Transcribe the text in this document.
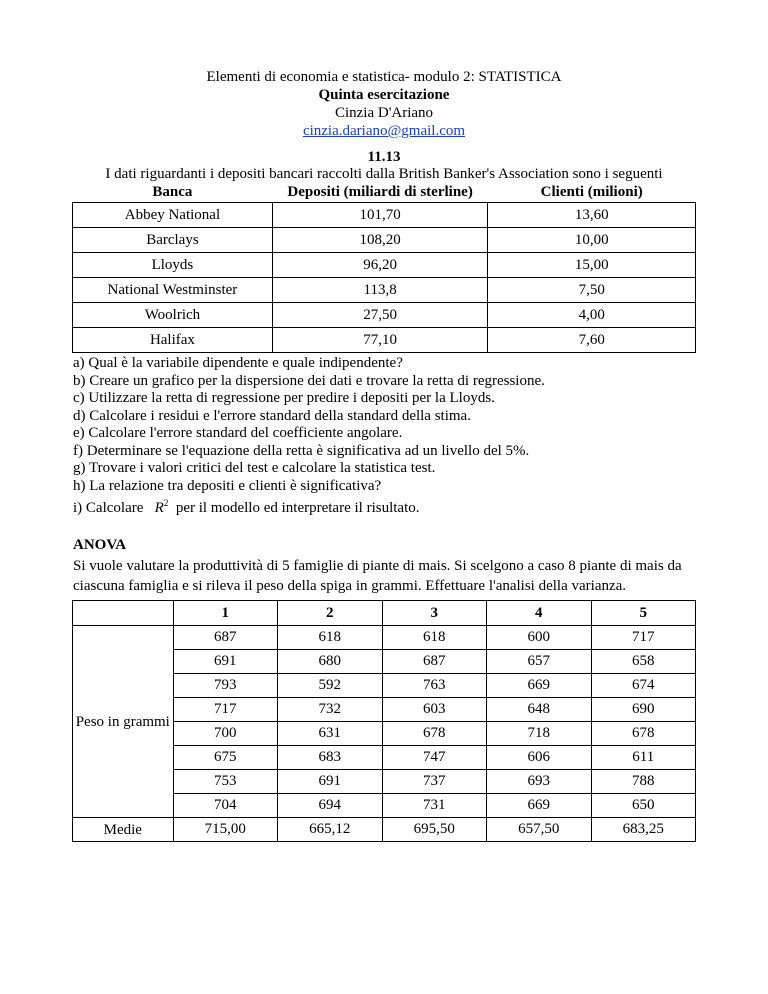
Elementi di economia e statistica- modulo 2: STATISTICA
Quinta esercitazione
Cinzia D'Ariano
cinzia.dariano@gmail.com
11.13
I dati riguardanti i depositi bancari raccolti dalla British Banker's Association sono i seguenti
Banca	Depositi (miliardi di sterline)	Clienti (milioni)
Abbey National	101,70	13,60
Barclays	108,20	10,00
Lloyds	96,20	15,00
National Westminster	113,8	7,50
Woolrich	27,50	4,00
Halifax	77,10	7,60
a) Qual è la variabile dipendente e quale indipendente?
b) Creare un grafico per la dispersione dei dati e trovare la retta di regressione.
c) Utilizzare la retta di regressione per predire i depositi per la Lloyds.
d) Calcolare i residui e l'errore standard della standard della stima.
e) Calcolare l'errore standard del coefficiente angolare.
f) Determinare se l'equazione della retta è significativa ad un livello del 5%.
g) Trovare i valori critici del test e calcolare la statistica test.
h) La relazione tra depositi e clienti è significativa?
i) Calcolare $R^2$ per il modello ed interpretare il risultato.
ANOVA
Si vuole valutare la produttività di 5 famiglie di piante di mais. Si scelgono a caso 8 piante di mais da ciascuna famiglia e si rileva il peso della spiga in grammi. Effettuare l'analisi della varianza.
	1	2	3	4	5
Peso in grammi	687	618	618	600	717
	691	680	687	657	658
	793	592	763	669	674
	717	732	603	648	690
	700	631	678	718	678
	675	683	747	606	611
	753	691	737	693	788
	704	694	731	669	650
Medie	715,00	665,12	695,50	657,50	683,25
